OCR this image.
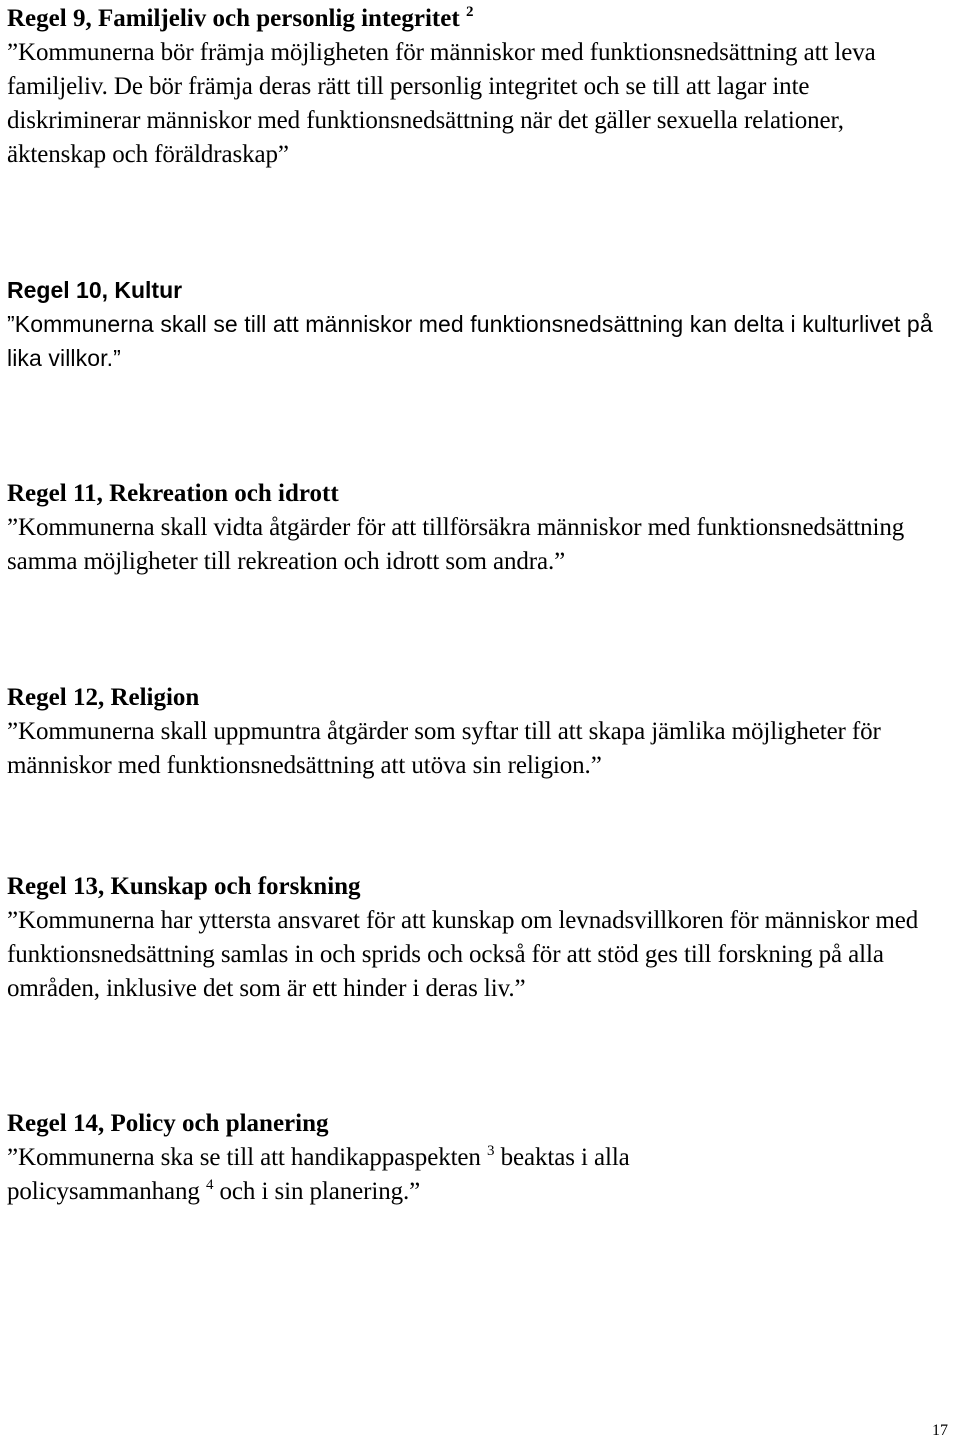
Regel 9, Familjeliv och personlig integritet $^2$

”Kommunerna bör främja möjligheten för människor med funktionsnedsättning att leva familjeliv. De bör främja deras rätt till personlig integritet och se till att lagar inte diskriminerar människor med funktionsnedsättning när det gäller sexuella relationer, äktenskap och föräldraskap”

Regel 10, Kultur

”Kommunerna skall se till att människor med funktionsnedsättning kan delta i kulturlivet på lika villkor.”

Regel 11, Rekreation och idrott

”Kommunerna skall vidta åtgärder för att tillförsäkra människor med funktionsnedsättning samma möjligheter till rekreation och idrott som andra.”

Regel 12, Religion

”Kommunerna skall uppmuntra åtgärder som syftar till att skapa jämlika möjligheter för människor med funktionsnedsättning att utöva sin religion.”

Regel 13, Kunskap och forskning

”Kommunerna har yttersta ansvaret för att kunskap om levnadsvillkoren för människor med funktionsnedsättning samlas in och sprids och också för att stöd ges till forskning på alla områden, inklusive det som är ett hinder i deras liv.”

Regel 14, Policy och planering

”Kommunerna ska se till att handikappaspekten $^3$ beaktas i alla policysammanhang $^4$ och i sin planering.”

17
